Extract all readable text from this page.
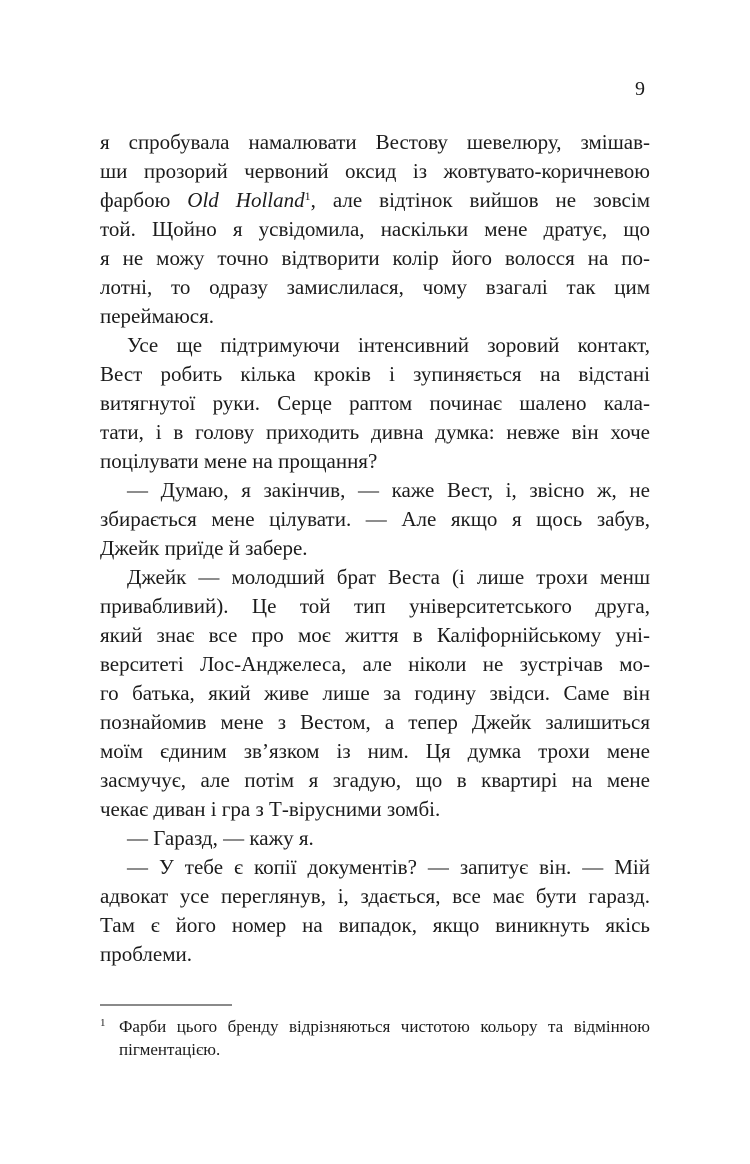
9
я спробувала намалювати Вестову шевелюру, змішав-
ши прозорий червоний оксид із жовтувато-коричневою
фарбою Old Holland$^1$, але відтінок вийшов не зовсім
той. Щойно я усвідомила, наскільки мене дратує, що
я не можу точно відтворити колір його волосся на по-
лотні, то одразу замислилася, чому взагалі так цим
переймаюся.
Усе ще підтримуючи інтенсивний зоровий контакт,
Вест робить кілька кроків і зупиняється на відстані
витягнутої руки. Серце раптом починає шалено кала-
тати, і в голову приходить дивна думка: невже він хоче
поцілувати мене на прощання?
— Думаю, я закінчив, — каже Вест, і, звісно ж, не
збирається мене цілувати. — Але якщо я щось забув,
Джейк приїде й забере.
Джейк — молодший брат Веста (і лише трохи менш
привабливий). Це той тип університетського друга,
який знає все про моє життя в Каліфорнійському уні-
верситеті Лос-Анджелеса, але ніколи не зустрічав мо-
го батька, який живе лише за годину звідси. Саме він
познайомив мене з Вестом, а тепер Джейк залишиться
моїм єдиним зв’язком із ним. Ця думка трохи мене
засмучує, але потім я згадую, що в квартирі на мене
чекає диван і гра з Т-вірусними зомбі.
— Гаразд, — кажу я.
— У тебе є копії документів? — запитує він. — Мій
адвокат усе переглянув, і, здається, все має бути гаразд.
Там є його номер на випадок, якщо виникнуть якісь
проблеми.
1 Фарби цього бренду відрізняються чистотою кольору та відмінною
пігментацією.
